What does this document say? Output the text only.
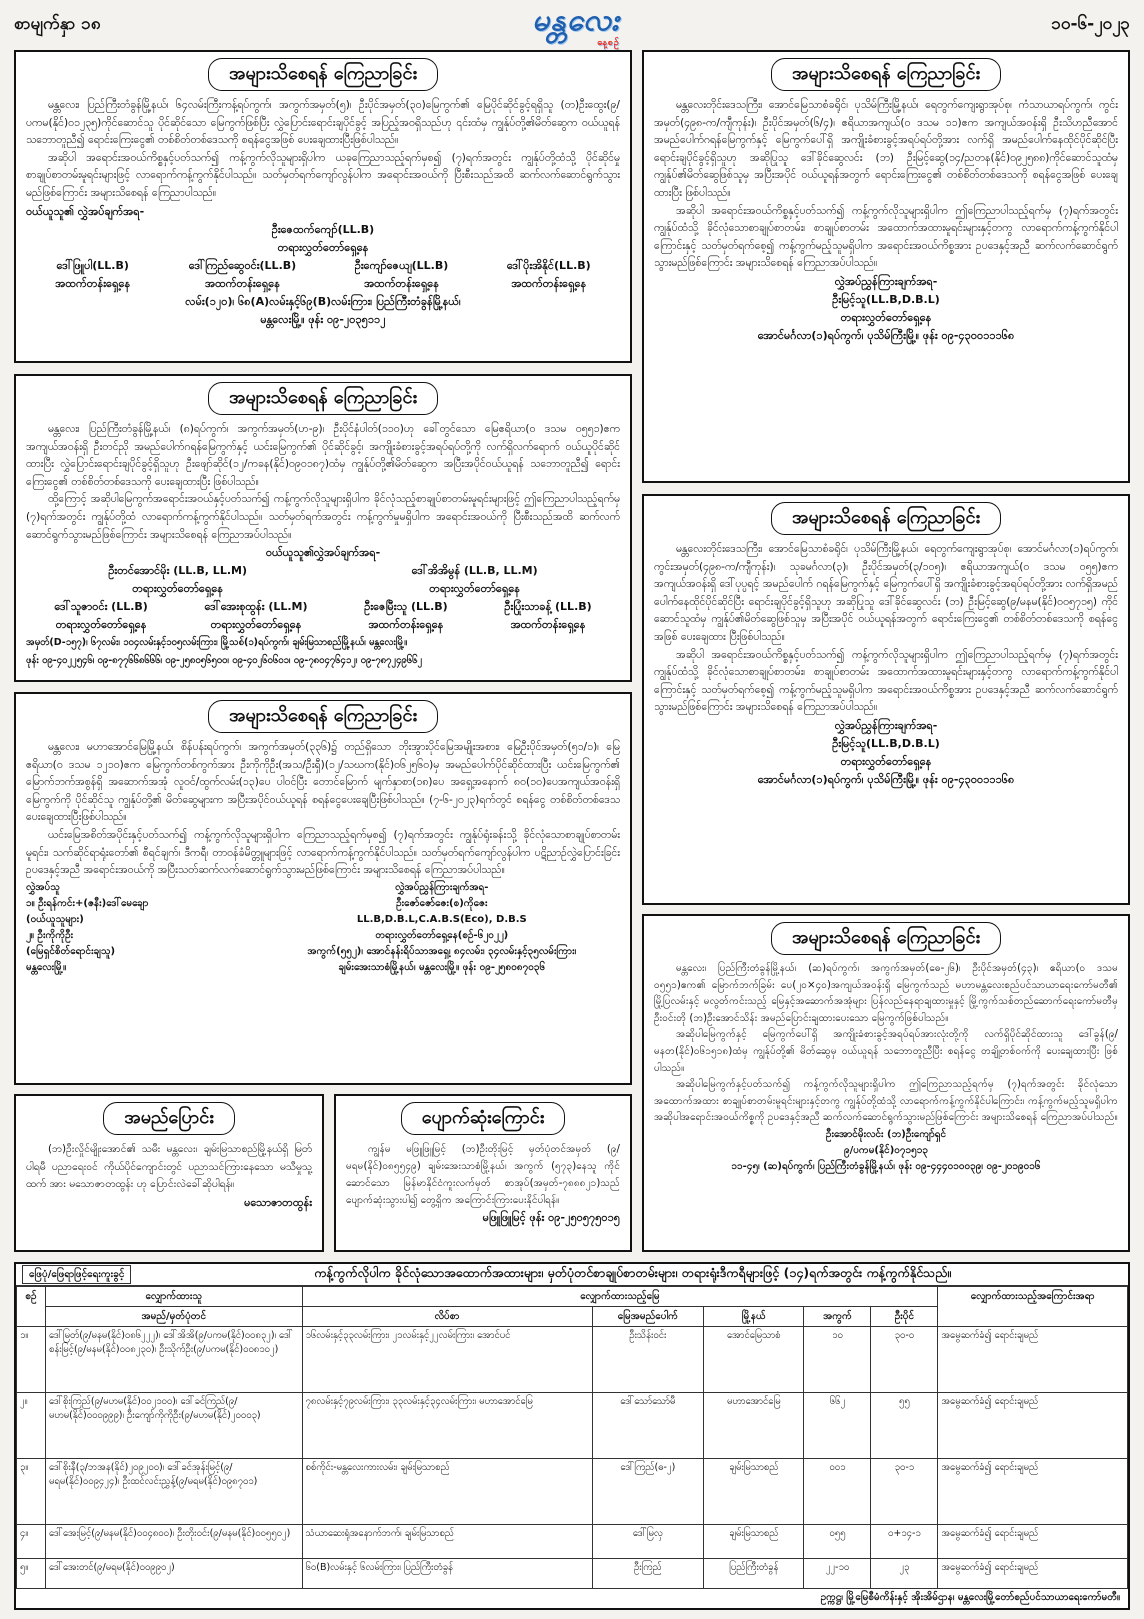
စာမျက်နှာ ၁၈	မန္တလေး
နေ့စဉ်
၁၀-၆-၂၀၂၃
အများသိစေရန် ကြေညာခြင်း

မန္တလေး၊ ပြည်ကြီးတံခွန်မြို့နယ်၊ ၆၄လမ်းကြီးကန့်ရပ်ကွက်၊ အကွက်အမှတ်(၅)၊ ဦးပိုင်အမှတ်(၃၀)မြေကွက်၏ မြေပိုင်ဆိုင်ခွင့်ရရှိသူ (တ)ဦးထွေး(၉/ပကမ(နိုင်)၀၁၂၃၅)ကိုင်ဆောင်သူ ပိုင်ဆိုင်သော မြေကွက်ဖြစ်ပြီး လွှဲပြောင်းရောင်းချပိုင်ခွင့် အပြည့်အဝရှိသည်ဟု ၎င်းထံမှ ကျွန်ုပ်တို့၏မိတ်ဆွေက ဝယ်ယူရန် သဘောတူညီ၍ ရောင်းကြေးငွေ၏ တစ်စိတ်တစ်ဒေသကို စရန်ငွေအဖြစ် ပေးချေထားပြီးဖြစ်ပါသည်။

အဆိုပါ အရောင်းအဝယ်ကိစ္စနှင့်ပတ်သက်၍ ကန့်ကွက်လိုသူများရှိပါက ယခုကြေညာသည့်ရက်မှစ၍ (၇)ရက်အတွင်း ကျွန်ုပ်တို့ထံသို့ ပိုင်ဆိုင်မှု စာချုပ်စာတမ်းမူရင်းများဖြင့် လာရောက်ကန့်ကွက်နိုင်ပါသည်။ သတ်မှတ်ရက်ကျော်လွန်ပါက အရောင်းအဝယ်ကို ပြီးစီးသည်အထိ ဆက်လက်ဆောင်ရွက်သွားမည်ဖြစ်ကြောင်း အများသိစေရန် ကြေညာပါသည်။

ဝယ်ယူသူ၏ လွှဲအပ်ချက်အရ-
ဦးဇေထက်ကျော်(LL.B)
တရားလွှတ်တော်ရှေ့နေ
ဒေါ်ဖြူပါ(LL.B)
အထက်တန်းရှေ့နေ
ဒေါ်ကြည်ဆွေဝင်း(LL.B)
အထက်တန်းရှေ့နေ
ဦးကျော်ဇေယျ(LL.B)
အထက်တန်းရှေ့နေ
ဒေါ်ပိုးအိနိုင်(LL.B)
အထက်တန်းရှေ့နေ
လမ်း(၁၂၀)၊ ၆၈(A)လမ်းနှင့်၆၉(B)လမ်းကြား၊ ပြည်ကြီးတံခွန်မြို့နယ်၊
မန္တလေးမြို့။ ဖုန်း ၀၉-၂၀၃၅၁၁၂
အများသိစေရန် ကြေညာခြင်း

မန္တလေး၊ ပြည်ကြီးတံခွန်မြို့နယ်၊ (၈)ရပ်ကွက်၊ အကွက်အမှတ်(ဟ-၉)၊ ဦးပိုင်နံပါတ်(၁၁၀)ဟု ခေါ်တွင်သော မြေဧရိယာ(၀ ဒသမ ၀၅၅၁)ဧက အကျယ်အဝန်းရှိ ဦးတင်ညို အမည်ပေါက်ဂရန်မြေကွက်နှင့် ယင်းမြေကွက်၏ ပိုင်ဆိုင်ခွင့်၊ အကျိုးခံစားခွင့်အရပ်ရပ်တို့ကို လက်ရှိလက်ရောက် ဝယ်ယူပိုင်ဆိုင်ထားပြီး လွှဲပြောင်းရောင်းချပိုင်ခွင့်ရှိသူဟု ဦးဖျော်ဆိုင်(၁၂/ကခန(နိုင်)၀၉၀၁၈၇)ထံမှ ကျွန်ုပ်တို့၏မိတ်ဆွေက အပြီးအပိုင်ဝယ်ယူရန် သဘောတူညီ၍ ရောင်းကြေးငွေ၏ တစ်စိတ်တစ်ဒေသကို ပေးချေထားပြီး ဖြစ်ပါသည်။

ထို့ကြောင့် အဆိုပါမြေကွက်အရောင်းအဝယ်နှင့်ပတ်သက်၍ ကန့်ကွက်လိုသူများရှိပါက ခိုင်လုံသည့်စာချုပ်စာတမ်းမူရင်းများဖြင့် ဤကြေညာပါသည့်ရက်မှ (၇)ရက်အတွင်း ကျွန်ုပ်တို့ထံ လာရောက်ကန့်ကွက်နိုင်ပါသည်။ သတ်မှတ်ရက်အတွင်း ကန့်ကွက်မှုမရှိပါက အရောင်းအဝယ်ကို ပြီးစီးသည်အထိ ဆက်လက်ဆောင်ရွက်သွားမည်ဖြစ်ကြောင်း အများသိစေရန် ကြေညာအပ်ပါသည်။

ဝယ်ယူသူ၏လွှဲအပ်ချက်အရ-
ဦးတင်အောင်မိုး (LL.B, LL.M)
တရားလွှတ်တော်ရှေ့နေ
ဒေါ်အိအိမွန် (LL.B, LL.M)
တရားလွှတ်တော်ရှေ့နေ
ဒေါ်သူဇာဝင်း (LL.B)
တရားလွှတ်တော်ရှေ့နေ
ဒေါ်အေးစုထွန်း (LL.M)
တရားလွှတ်တော်ရှေ့နေ
ဦးဇေမြီးသူ (LL.B)
အထက်တန်းရှေ့နေ
ဦးပြုံးသာခန့် (LL.B)
အထက်တန်းရှေ့နေ
အမှတ်(D-၁၅၇)၊ ၆၇လမ်း၊ ၁၀၄လမ်းနှင့်၁၀၅လမ်းကြား၊ မြို့သစ်(၁)ရပ်ကွက်၊ ချမ်းမြသာစည်မြို့နယ်၊ မန္တလေးမြို့။
ဖုန်း ၀၉-၄၀၂၂၅၄၆၊ ၀၉-၈၇၇၆၆၈၆၆၆၊ ၀၉-၂၅၈၀၅၆၅၀၀၊ ၀၉-၄၀၂၆၀၆၀၁၊ ၀၉-၇၈၀၄၇၆၄၁၂၊ ၀၉-၇၈၇၂၄၉၆၆၂
အများသိစေရန် ကြေညာခြင်း

မန္တလေး၊ မဟာအောင်မြေမြို့နယ်၊ စိန်ပန်းရပ်ကွက်၊ အကွက်အမှတ်(၃၃၆)၌ တည်ရှိသော ဘိုးအွားပိုင်မြေအမျိုးအစား၊ မြေဦးပိုင်အမှတ်(၅၁/၁)၊ မြေဧရိယာ(၀ ဒသမ ၁၂၁၀)ဧက မြေကွက်တစ်ကွက်အား ဦးကိုကိုဦး(အသ/ဦးရှီ)(၁၂/သဃက(နိုင်)၀၆၂၅၆၀)မှ အမည်ပေါက်ပိုင်ဆိုင်ထားပြီး ယင်းမြေကွက်၏ မြောက်ဘက်အစွန်ရှိ အဆောက်အအုံ လူဝင်/ထွက်လမ်း(၁၃)ပေ ပါဝင်ပြီး တောင်မြောက် မျက်နှာစာ(၁၈)ပေ အရှေ့အနောက် ၈၀(၁၀)ပေအကျယ်အဝန်းရှိ မြေကွက်ကို ပိုင်ဆိုင်သူ ကျွန်ုပ်တို့၏ မိတ်ဆွေများက အပြီးအပိုင်ဝယ်ယူရန် စရန်ငွေပေးချေပြီးဖြစ်ပါသည်။ (၇-၆-၂၀၂၃)ရက်တွင် စရန်ငွေ တစ်စိတ်တစ်ဒေသပေးချေထားပြီးဖြစ်ပါသည်။

ယင်းမြေအစိတ်အပိုင်းနှင့်ပတ်သက်၍ ကန့်ကွက်လိုသူများရှိပါက ကြေညာသည့်ရက်မှစ၍ (၇)ရက်အတွင်း ကျွန်ုပ်ရုံးခန်းသို့ ခိုင်လုံသောစာချုပ်စာတမ်းမူရင်း၊ သက်ဆိုင်ရာရုံးတော်၏ စီရင်ချက်၊ ဒီကရီ၊ တာဝန်ခံမိတ္တူများဖြင့် လာရောက်ကန့်ကွက်နိုင်ပါသည်။ သတ်မှတ်ရက်ကျော်လွန်ပါက ပဋိညာဉ်လွှဲပြောင်းခြင်း ဥပဒေနှင့်အညီ အရောင်းအဝယ်ကို အပြီးသတ်ဆက်လက်ဆောင်ရွက်သွားမည်ဖြစ်ကြောင်း အများသိစေရန် ကြေညာအပ်ပါသည်။

လွှဲအပ်သူ
၁။ ဦးရန်ကင်း+(ဇနီး)ဒေါ်မေချော
(ဝယ်ယူသူများ)
၂။ ဦးကိုကိုဦး
(မြေရှင်စိတ်ရောင်းချသူ)
မန္တလေးမြို့။
လွှဲအပ်ညွှန်ကြားချက်အရ-
ဦးဇော်ဇော်ဇေး(စ)ကိုဇေး
LL.B,D.B.L,C.A.B.S(Eco), D.B.S
တရားလွှတ်တော်ရှေ့နေ(စဉ်-၆၂၀၂၂)
အကွက်(၅၅၂)၊ အောင်နန်းရိပ်သာအရှေ့၊ ၈၄လမ်း၊ ၃၄လမ်းနှင့်၃၅လမ်းကြား၊
ချမ်းအေးသာစံမြို့နယ်၊ မန္တလေးမြို့။ ဖုန်း ၀၉-၂၅၈၀၈၇၀၃၆
အမည်ပြောင်း

(ဘ)ဦးလှိုင်မျိုးအောင်၏ သမီး မန္တလေး၊ ချမ်းမြသာစည်မြို့နယ်ရှိ မြတ်ပါရမီ ပညာရေးဝင် ကိုယ်ပိုင်ကျောင်းတွင် ပညာသင်ကြားနေသော မသီမှုသူ့ထက် အား မသောဇာတထွန်း ဟု ပြောင်းလဲခေါ်ဆိုပါရန်။

မသောဇာတထွန်း
ပျောက်ဆုံးကြောင်း

ကျွန်မ မဖြူဖြူမြင့် (ဘ)ဦးတိုးမြင့် မှတ်ပုံတင်အမှတ် (၉/မရမ(နိုင်)၀၈၅၅၄၉) ချမ်းအေးသာစံမြို့နယ်၊ အကွက် (၅၇၃)နေသူ ကိုင်ဆောင်သော မြန်မာနိုင်ငံကူးလက်မှတ် စာအုပ်(အမှတ်-၇၈၈၈၂၁)သည် ပျောက်ဆုံးသွားပါ၍ တွေ့ရှိက အကြောင်းကြားပေးနိုင်ပါရန်။

မဖြူဖြူမြင့် ဖုန်း ၀၉-၂၅၀၅၇၅၀၁၅
အများသိစေရန် ကြေညာခြင်း

မန္တလေးတိုင်းဒေသကြီး၊ အောင်မြေသာစံခရိုင်၊ ပုသိမ်ကြီးမြို့နယ်၊ ရေတွက်ကျေးရွာအုပ်စု၊ ကံသာယာရပ်ကွက်၊ ကွင်းအမှတ်(၄၉၈-က/ကျီကုန်း)၊ ဦးပိုင်အမှတ်(၆/၄)၊ ဧရိယာအကျယ်(၀ ဒသမ ၁၁)ဧက အကျယ်အဝန်းရှိ ဦးသိဟညီအောင် အမည်ပေါက်ဂရန်မြေကွက်နှင့် မြေကွက်ပေါ်ရှိ အကျိုးခံစားခွင့်အရပ်ရပ်တို့အား လက်ရှိ အမည်ပေါက်နေထိုင်ပိုင်ဆိုင်ပြီး ရောင်းချပိုင်ခွင့်ရှိသူဟု အဆိုပြုသူ ဒေါ်ခိုင်ဆွေလင်း (ဘ) ဦးမြင့်ဆွေ(၁၄/ညတန(နိုင်)၀၉၂၅၈၈)ကိုင်ဆောင်သူထံမှ ကျွန်ုပ်၏မိတ်ဆွေဖြစ်သူမှ အပြီးအပိုင် ဝယ်ယူရန်အတွက် ရောင်းကြေးငွေ၏ တစ်စိတ်တစ်ဒေသကို စရန်ငွေအဖြစ် ပေးချေထားပြီး ဖြစ်ပါသည်။

အဆိုပါ အရောင်းအဝယ်ကိစ္စနှင့်ပတ်သက်၍ ကန့်ကွက်လိုသူများရှိပါက ဤကြေညာပါသည့်ရက်မှ (၇)ရက်အတွင်း ကျွန်ုပ်ထံသို့ ခိုင်လုံသောစာချုပ်စာတမ်း၊ စာချုပ်စာတမ်း အထောက်အထားမူရင်းများနှင့်တကွ လာရောက်ကန့်ကွက်နိုင်ပါကြောင်းနှင့် သတ်မှတ်ရက်စေ့၍ ကန့်ကွက်မည့်သူမရှိပါက အရောင်းအဝယ်ကိစ္စအား ဥပဒေနှင့်အညီ ဆက်လက်ဆောင်ရွက်သွားမည်ဖြစ်ကြောင်း အများသိစေရန် ကြေညာအပ်ပါသည်။

လွှဲအပ်ညွှန်ကြားချက်အရ-
ဦးမြင့်သူ(LL.B,D.B.L)
တရားလွှတ်တော်ရှေ့နေ
အောင်မင်္ဂလာ(၁)ရပ်ကွက်၊ ပုသိမ်ကြီးမြို့။ ဖုန်း ၀၉-၄၃၀၀၁၁၁၆၈
အများသိစေရန် ကြေညာခြင်း

မန္တလေးတိုင်းဒေသကြီး၊ အောင်မြေသာစံခရိုင်၊ ပုသိမ်ကြီးမြို့နယ်၊ ရေတွက်ကျေးရွာအုပ်စု၊ အောင်မင်္ဂလာ(၁)ရပ်ကွက်၊ ကွင်းအမှတ်(၄၉၈-က/ကျီကုန်း)၊ သုခမင်္ဂလာ(၃)၊ ဦးပိုင်အမှတ်(၃/၁၀၅)၊ ဧရိယာအကျယ်(၀ ဒသမ ၀၅၅)ဧက အကျယ်အဝန်းရှိ ဒေါ်ပုပ္ပရင့် အမည်ပေါက် ဂရန်မြေကွက်နှင့် မြေကွက်ပေါ်ရှိ အကျိုးခံစားခွင့်အရပ်ရပ်တို့အား လက်ရှိအမည်ပေါက်နေထိုင်ပိုင်ဆိုင်ပြီး ရောင်းချပိုင်ခွင့်ရှိသူဟု အဆိုပြုသူ ဒေါ်ခိုင်ဆွေလင်း (ဘ) ဦးမြင့်ဆွေ(၉/မနမ(နိုင်)၀၀၅၇၁၅) ကိုင်ဆောင်သူထံမှ ကျွန်ုပ်၏မိတ်ဆွေဖြစ်သူမှ အပြီးအပိုင် ဝယ်ယူရန်အတွက် ရောင်းကြေးငွေ၏ တစ်စိတ်တစ်ဒေသကို စရန်ငွေအဖြစ် ပေးချေထား ပြီးဖြစ်ပါသည်။

အဆိုပါ အရောင်းအဝယ်ကိစ္စနှင့်ပတ်သက်၍ ကန့်ကွက်လိုသူများရှိပါက ဤကြေညာပါသည့်ရက်မှ (၇)ရက်အတွင်း ကျွန်ုပ်ထံသို့ ခိုင်လုံသောစာချုပ်စာတမ်း၊ စာချုပ်စာတမ်း အထောက်အထားမူရင်းများနှင့်တကွ လာရောက်ကန့်ကွက်နိုင်ပါကြောင်းနှင့် သတ်မှတ်ရက်စေ့၍ ကန့်ကွက်မည့်သူမရှိပါက အရောင်းအဝယ်ကိစ္စအား ဥပဒေနှင့်အညီ ဆက်လက်ဆောင်ရွက်သွားမည်ဖြစ်ကြောင်း အများသိစေရန် ကြေညာအပ်ပါသည်။

လွှဲအပ်ညွှန်ကြားချက်အရ-
ဦးမြင့်သူ(LL.B,D.B.L)
တရားလွှတ်တော်ရှေ့နေ
အောင်မင်္ဂလာ(၁)ရပ်ကွက်၊ ပုသိမ်ကြီးမြို့။ ဖုန်း ၀၉-၄၃၀၀၁၁၁၆၈
အများသိစေရန် ကြေညာခြင်း

မန္တလေး၊ ပြည်ကြီးတံခွန်မြို့နယ်၊ (ဆ)ရပ်ကွက်၊ အကွက်အမှတ်(ဓေ-၂၆)၊ ဦးပိုင်အမှတ်(၄၃)၊ ဧရိယာ(၀ ဒသမ ၀၅၅၁)ဧက၏ မြောက်ဘက်ခြမ်း ပေ(၂၀×၄၀)အကျယ်အဝန်းရှိ မြေကွက်သည် မဟာမန္တလေးစည်ပင်သာယာရေးကော်မတီ၏ မြို့ပြလမ်းနှင့် မလွတ်ကင်းသည့် မြေနှင့်အဆောက်အအုံများ ပြန်လည်နေရာချထားမှုနှင့် မြို့ကွက်သစ်တည်ဆောက်ရေးကော်မတီမှ ဦးဝင်းတို (ဘ)ဦးအောင်သိန်း အမည်ပြောင်းချထားပေးသော မြေကွက်ဖြစ်ပါသည်။

အဆိုပါမြေကွက်နှင့် မြေကွက်ပေါ်ရှိ အကျိုးခံစားခွင့်အရပ်ရပ်အားလုံးတို့ကို လက်ရှိပိုင်ဆိုင်ထားသူ ဒေါ်ခွန်(၉/မနတ(နိုင်)၀၆၁၅၁၈)ထံမှ ကျွန်ုပ်တို့၏ မိတ်ဆွေမှ ဝယ်ယူရန် သဘောတူညီပြီး စရန်ငွေ တချို့တစ်ဝက်ကို ပေးချေထားပြီး ဖြစ်ပါသည်။

အဆိုပါမြေကွက်နှင့်ပတ်သက်၍ ကန့်ကွက်လိုသူများရှိပါက ဤကြေညာသည့်ရက်မှ (၇)ရက်အတွင်း ခိုင်လုံသောအထောက်အထား စာချုပ်စာတမ်းမူရင်းများနှင့်တကွ ကျွန်ုပ်တို့ထံသို့ လာရောက်ကန့်ကွက်နိုင်ပါကြောင်း၊ ကန့်ကွက်မည့်သူမရှိပါက အဆိုပါအရောင်းအဝယ်ကိစ္စကို ဥပဒေနှင့်အညီ ဆက်လက်ဆောင်ရွက်သွားမည်ဖြစ်ကြောင်း အများသိစေရန် ကြေညာအပ်ပါသည်။

ဦးအောင်မိုးလင်း (ဘ)ဦးကျော်ရှင်
၉/ပကမ(နိုင်)၀၇၁၅၁၃
၁၁-၄၅၊ (ဆ)ရပ်ကွက်၊ ပြည်ကြီးတံခွန်မြို့နယ်၊ ဖုန်း ၀၉-၄၄၄၀၁၀၀၃၉၊ ၀၉-၂၀၁၉၀၁၆
ဖြေပုံ/ဖြေရာဖြင့်ရေးကူးခွင့်	ကန့်ကွက်လိုပါက ခိုင်လုံသောအထောက်အထားများ၊ မှတ်ပုံတင်စာချုပ်စာတမ်းများ၊ တရားရုံးဒီကရီများဖြင့် (၁၄)ရက်အတွင်း ကန့်ကွက်နိုင်သည်။
စဉ်	လျှောက်ထားသူ	လျှောက်ထားသည့်မြေ					လျှောက်ထားသည့်အကြောင်းအရာ
	အမည်/မှတ်ပုံတင်	လိပ်စာ	မြေအမည်ပေါက်	မြို့နယ်	အကွက်	ဦးပိုင်	
၁။	ဒေါ်မြတ်(၉/မနမ(နိုင်)၀၈၆၂၂၂)၊ ဒေါ်အိအိ(၉/ပကမ(နိုင်)၀၀၈၃၂)၊ ဒေါ်စန်းမြင့်(၉/မနမ(နိုင်)၀၀၈၂၃၀)၊ ဦးသိုက်ဦး(၉/ပကမ(နိုင်)၀၀၈၁၀၂)	၁၆လမ်းနှင့်၃၃လမ်းကြား၊ ၂၁လမ်းနှင့်၂၂လမ်းကြား၊ အောင်ပင်	ဦးသိန်းဝင်း	အောင်မြေသာစံ	၁၀	၃၀-၀	အမွေဆက်ခံ၍ ရောင်းချမည်
၂။	ဒေါ်စိုးကြည်(၉/မဟမ(နိုင်)၀၀၂၁၀၀)၊ ဒေါ်ခင်ကြည်(၉/မဟမ(နိုင်)၀၀၀၉၉၉)၊ ဦးကျော်ကိုကိုဦး(၉/မဟမ(နိုင်)၂၀၀၀၃)	၇၈လမ်းနှင့်၇၉လမ်းကြား၊ ၃၃လမ်းနှင့်၃၄လမ်းကြား၊ မဟာအောင်မြေ	ဒေါ်သော်သော်မီ	မဟာအောင်မြေ	၆၆၂	၅၅	အမွေဆက်ခံ၍ ရောင်းချမည်
၃။	ဒေါ်စိုးနီ(၃/ဘအန(နိုင်)၂၀၉၂၀၀)၊ ဒေါ်ခင်အုန်းမြင့်(၉/မရမ(နိုင်)၀၀၉၄၂၄)၊ ဦးထင်လင်းညွှန့်(၉/မရမ(နိုင်)၀၉၈၇၀၁)	စစ်ကိုင်း-မန္တလေးကားလမ်း၊ ချမ်းမြသာစည်	ဒေါ်ကြည်(ဓ-၂)	ချမ်းမြသာစည်	၀၀၁	၃၀-၁	အမွေဆက်ခံ၍ ရောင်းချမည်
၄။	ဒေါ်အေးမြင့်(၉/မနမ(နိုင်)၀၀၄၈၀၀)၊ ဦးတိုးဝင်း(၉/မနမ(နိုင်)၀၀၅၅၀၂)	သံယာဆေးရုံအနောက်ဘက်၊ ချမ်းမြသာစည်	ဒေါ်မြလှ	ချမ်းမြသာစည်	၀၅၅	၀+၁၄-၁	အမွေဆက်ခံ၍ ရောင်းချမည်
၅။	ဒေါ်အေးတင်(၉/မရမ(နိုင်)၀၀၉၉၀၂)	၆၀(B)လမ်းနှင့် ၆လမ်းကြား၊ ပြည်ကြီးတံခွန်	ဦးကြည်	ပြည်ကြီးတံခွန်	၂၂-၁၀	၂၃	အမွေဆက်ခံ၍ ရောင်းချမည်
ဥက္ကဋ္ဌ၊ မြို့မြေစီမံကိန်းနှင့် အိုးအိမ်ဌာန၊ မန္တလေးမြို့တော်စည်ပင်သာယာရေးကော်မတီ။
